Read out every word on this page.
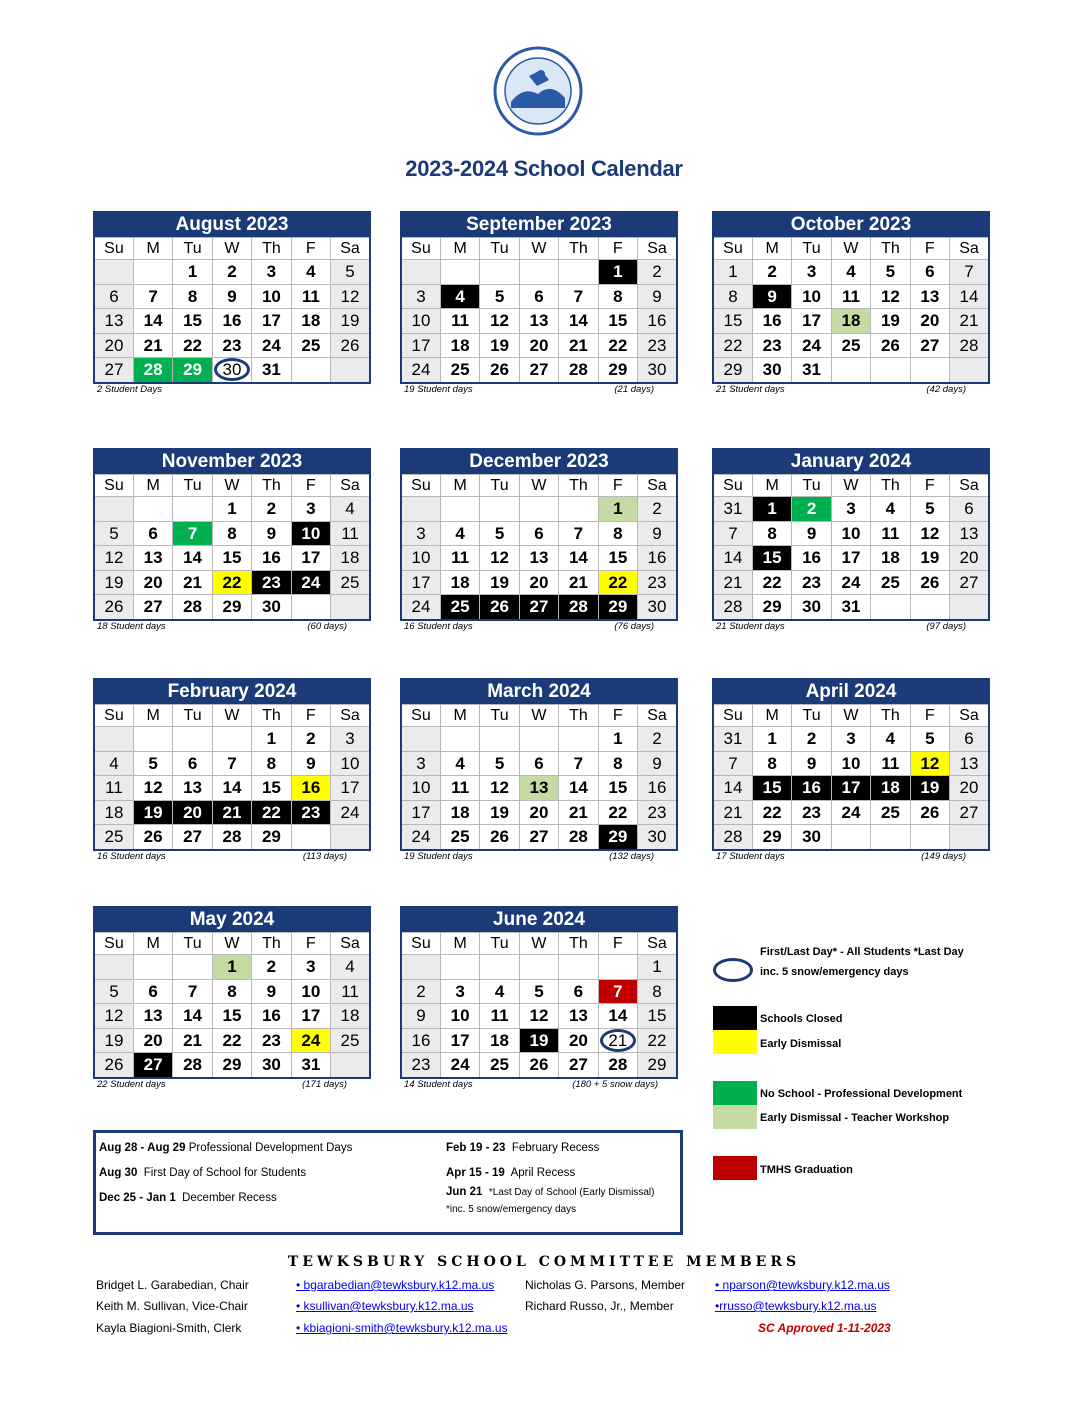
2023-2024 School Calendar
August 2023
Su	M	Tu	W	Th	F	Sa
		1	2	3	4	5
6	7	8	9	10	11	12
13	14	15	16	17	18	19
20	21	22	23	24	25	26
27	28	29	30	31		
2 Student Days
September 2023
Su	M	Tu	W	Th	F	Sa
					1	2
3	4	5	6	7	8	9
10	11	12	13	14	15	16
17	18	19	20	21	22	23
24	25	26	27	28	29	30
19 Student days	(21 days)
October 2023
Su	M	Tu	W	Th	F	Sa
1	2	3	4	5	6	7
8	9	10	11	12	13	14
15	16	17	18	19	20	21
22	23	24	25	26	27	28
29	30	31				
21 Student days	(42 days)
November 2023
Su	M	Tu	W	Th	F	Sa
			1	2	3	4
5	6	7	8	9	10	11
12	13	14	15	16	17	18
19	20	21	22	23	24	25
26	27	28	29	30		
18 Student days	(60 days)
December 2023
Su	M	Tu	W	Th	F	Sa
					1	2
3	4	5	6	7	8	9
10	11	12	13	14	15	16
17	18	19	20	21	22	23
24	25	26	27	28	29	30
16 Student days	(76 days)
January 2024
Su	M	Tu	W	Th	F	Sa
31	1	2	3	4	5	6
7	8	9	10	11	12	13
14	15	16	17	18	19	20
21	22	23	24	25	26	27
28	29	30	31			
21 Student days	(97 days)
February 2024
Su	M	Tu	W	Th	F	Sa
				1	2	3
4	5	6	7	8	9	10
11	12	13	14	15	16	17
18	19	20	21	22	23	24
25	26	27	28	29		
16 Student days	(113 days)
March 2024
Su	M	Tu	W	Th	F	Sa
					1	2
3	4	5	6	7	8	9
10	11	12	13	14	15	16
17	18	19	20	21	22	23
24	25	26	27	28	29	30
19 Student days	(132 days)
April 2024
Su	M	Tu	W	Th	F	Sa
31	1	2	3	4	5	6
7	8	9	10	11	12	13
14	15	16	17	18	19	20
21	22	23	24	25	26	27
28	29	30				
17 Student days	(149 days)
May 2024
Su	M	Tu	W	Th	F	Sa
			1	2	3	4
5	6	7	8	9	10	11
12	13	14	15	16	17	18
19	20	21	22	23	24	25
26	27	28	29	30	31	
22 Student days	(171 days)
June 2024
Su	M	Tu	W	Th	F	Sa
						1
2	3	4	5	6	7	8
9	10	11	12	13	14	15
16	17	18	19	20	21	22
23	24	25	26	27	28	29
14 Student days	(180 + 5 snow days)
First/Last Day* - All Students *Last Day
inc. 5 snow/emergency days
Schools Closed
Early Dismissal
No School - Professional Development
Early Dismissal - Teacher Workshop
TMHS Graduation
Aug 28 - Aug 29 Professional Development Days
Aug 30 First Day of School for Students
Dec 25 - Jan 1 December Recess
Feb 19 - 23 February Recess
Apr 15 - 19 April Recess
Jun 21 *Last Day of School (Early Dismissal)
*inc. 5 snow/emergency days
TEWKSBURY SCHOOL COMMITTEE MEMBERS
Bridget L. Garabedian, Chair	• bgarabedian@tewksbury.k12.ma.us
Keith M. Sullivan, Vice-Chair	• ksullivan@tewksbury.k12.ma.us
Kayla Biagioni-Smith, Clerk	• kbiagioni-smith@tewksbury.k12.ma.us
Nicholas G. Parsons, Member • nparson@tewksbury.k12.ma.us
Richard Russo, Jr., Member	•rrusso@tewksbury.k12.ma.us
SC Approved 1-11-2023
